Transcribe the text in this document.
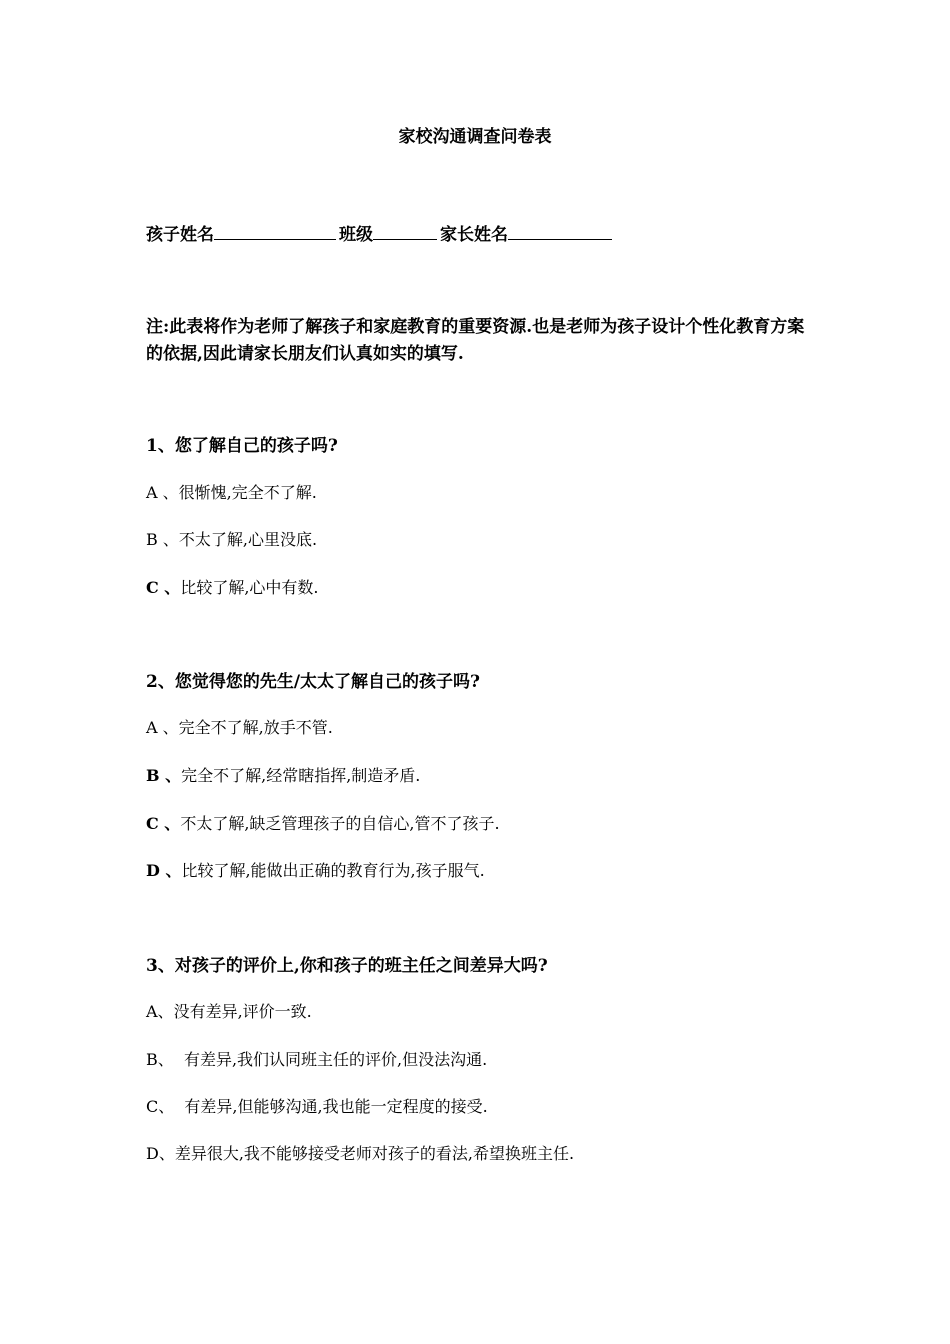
家校沟通调查问卷表
孩子姓名	班级	家长姓名
注:此表将作为老师了解孩子和家庭教育的重要资源.也是老师为孩子设计个性化教育方案的依据,因此请家长朋友们认真如实的填写.
1、您了解自己的孩子吗?
A 、很惭愧,完全不了解.
B 、不太了解,心里没底.
C 、比较了解,心中有数.
2、您觉得您的先生/太太了解自己的孩子吗?
A 、完全不了解,放手不管.
B 、完全不了解,经常瞎指挥,制造矛盾.
C 、不太了解,缺乏管理孩子的自信心,管不了孩子.
D 、比较了解,能做出正确的教育行为,孩子服气.
3、对孩子的评价上,你和孩子的班主任之间差异大吗?
A、没有差异,评价一致.
B、  有差异,我们认同班主任的评价,但没法沟通.
C、  有差异,但能够沟通,我也能一定程度的接受.
D、差异很大,我不能够接受老师对孩子的看法,希望换班主任.
